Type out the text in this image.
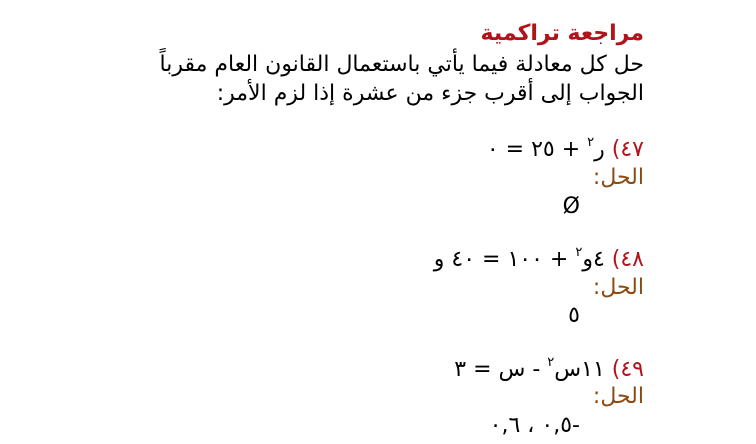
مراجعة تراكمية
حل كل معادلة فيما يأتي باستعمال القانون العام مقرباً
الجواب إلى أقرب جزء من عشرة إذا لزم الأمر:
٤٧) ر$^٢$ + ٢٥ = ٠
الحل:
Ø
٤٨) ٤و$^٢$ + ١٠٠ = ٤٠ و
الحل:
٥
٤٩) ١١س$^٢$ - س = ٣
الحل:
-٠,٥ ، ٠,٦
